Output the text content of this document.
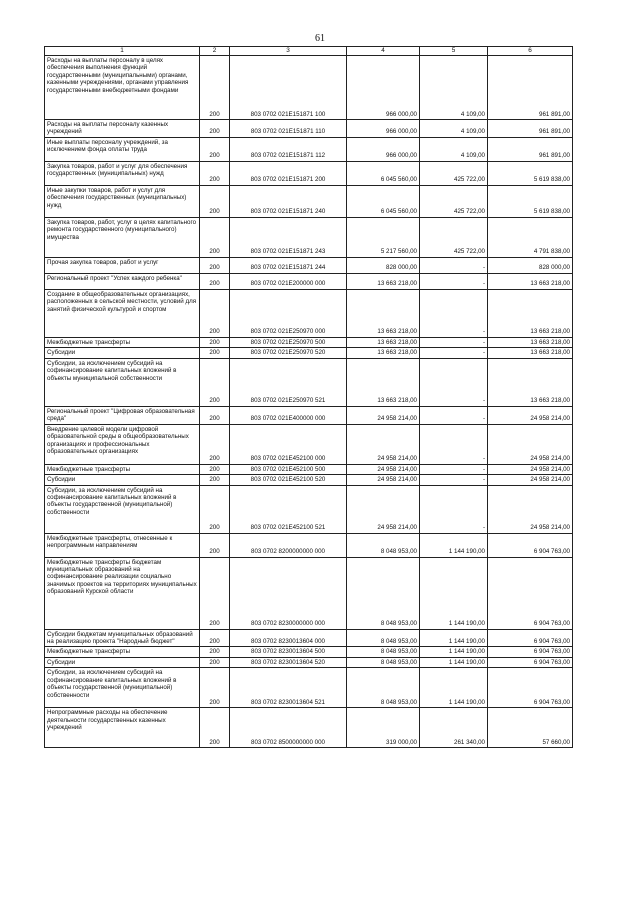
61
1	2	3	4	5	6
Расходы на выплаты персоналу в целях обеспечения выполнения функций государственными (муниципальными) органами, казенными учреждениями, органами управления государственными внебюджетными фондами	200	803 0702 021E151871 100	966 000,00	4 109,00	961 891,00
Расходы на выплаты персоналу казенных учреждений	200	803 0702 021E151871 110	966 000,00	4 109,00	961 891,00
Иные выплаты персоналу учреждений, за исключением фонда оплаты труда	200	803 0702 021E151871 112	966 000,00	4 109,00	961 891,00
Закупка товаров, работ и услуг для обеспечения государственных (муниципальных) нужд	200	803 0702 021E151871 200	6 045 560,00	425 722,00	5 619 838,00
Иные закупки товаров, работ и услуг для обеспечения государственных (муниципальных) нужд	200	803 0702 021E151871 240	6 045 560,00	425 722,00	5 619 838,00
Закупка товаров, работ, услуг в целях капитального ремонта государственного (муниципального) имущества	200	803 0702 021E151871 243	5 217 560,00	425 722,00	4 791 838,00
Прочая закупка товаров, работ и услуг	200	803 0702 021E151871 244	828 000,00	-	828 000,00
Региональный проект "Успех каждого ребенка"	200	803 0702 021E200000 000	13 663 218,00	-	13 663 218,00
Создание в общеобразовательных организациях, расположенных в сельской местности, условий для занятий физической культурой и спортом	200	803 0702 021E250970 000	13 663 218,00	-	13 663 218,00
Межбюджетные трансферты	200	803 0702 021E250970 500	13 663 218,00	-	13 663 218,00
Субсидии	200	803 0702 021E250970 520	13 663 218,00	-	13 663 218,00
Субсидии, за исключением субсидий на софинансирование капитальных вложений в объекты муниципальной собственности	200	803 0702 021E250970 521	13 663 218,00	-	13 663 218,00
Региональный проект "Цифровая образовательная среда"	200	803 0702 021E400000 000	24 958 214,00	-	24 958 214,00
Внедрение целевой модели цифровой образовательной среды в общеобразовательных организациях и профессиональных образовательных организациях	200	803 0702 021E452100 000	24 958 214,00	-	24 958 214,00
Межбюджетные трансферты	200	803 0702 021E452100 500	24 958 214,00	-	24 958 214,00
Субсидии	200	803 0702 021E452100 520	24 958 214,00	-	24 958 214,00
Субсидии, за исключением субсидий на софинансирование капитальных вложений в объекты государственной (муниципальной) собственности	200	803 0702 021E452100 521	24 958 214,00	-	24 958 214,00
Межбюджетные трансферты, отнесенные к непрограммным направлениям	200	803 0702 8200000000 000	8 048 953,00	1 144 190,00	6 904 763,00
Межбюджетные трансферты бюджетам муниципальных образований на софинансирование реализации социально значимых проектов на территориях муниципальных образований Курской области	200	803 0702 8230000000 000	8 048 953,00	1 144 190,00	6 904 763,00
Субсидии бюджетам муниципальных образований на реализацию проекта "Народный бюджет"	200	803 0702 8230013604 000	8 048 953,00	1 144 190,00	6 904 763,00
Межбюджетные трансферты	200	803 0702 8230013604 500	8 048 953,00	1 144 190,00	6 904 763,00
Субсидии	200	803 0702 8230013604 520	8 048 953,00	1 144 190,00	6 904 763,00
Субсидии, за исключением субсидий на софинансирование капитальных вложений в объекты государственной (муниципальной) собственности	200	803 0702 8230013604 521	8 048 953,00	1 144 190,00	6 904 763,00
Непрограммные расходы на обеспечение деятельности государственных казенных учреждений	200	803 0702 8500000000 000	319 000,00	261 340,00	57 660,00
